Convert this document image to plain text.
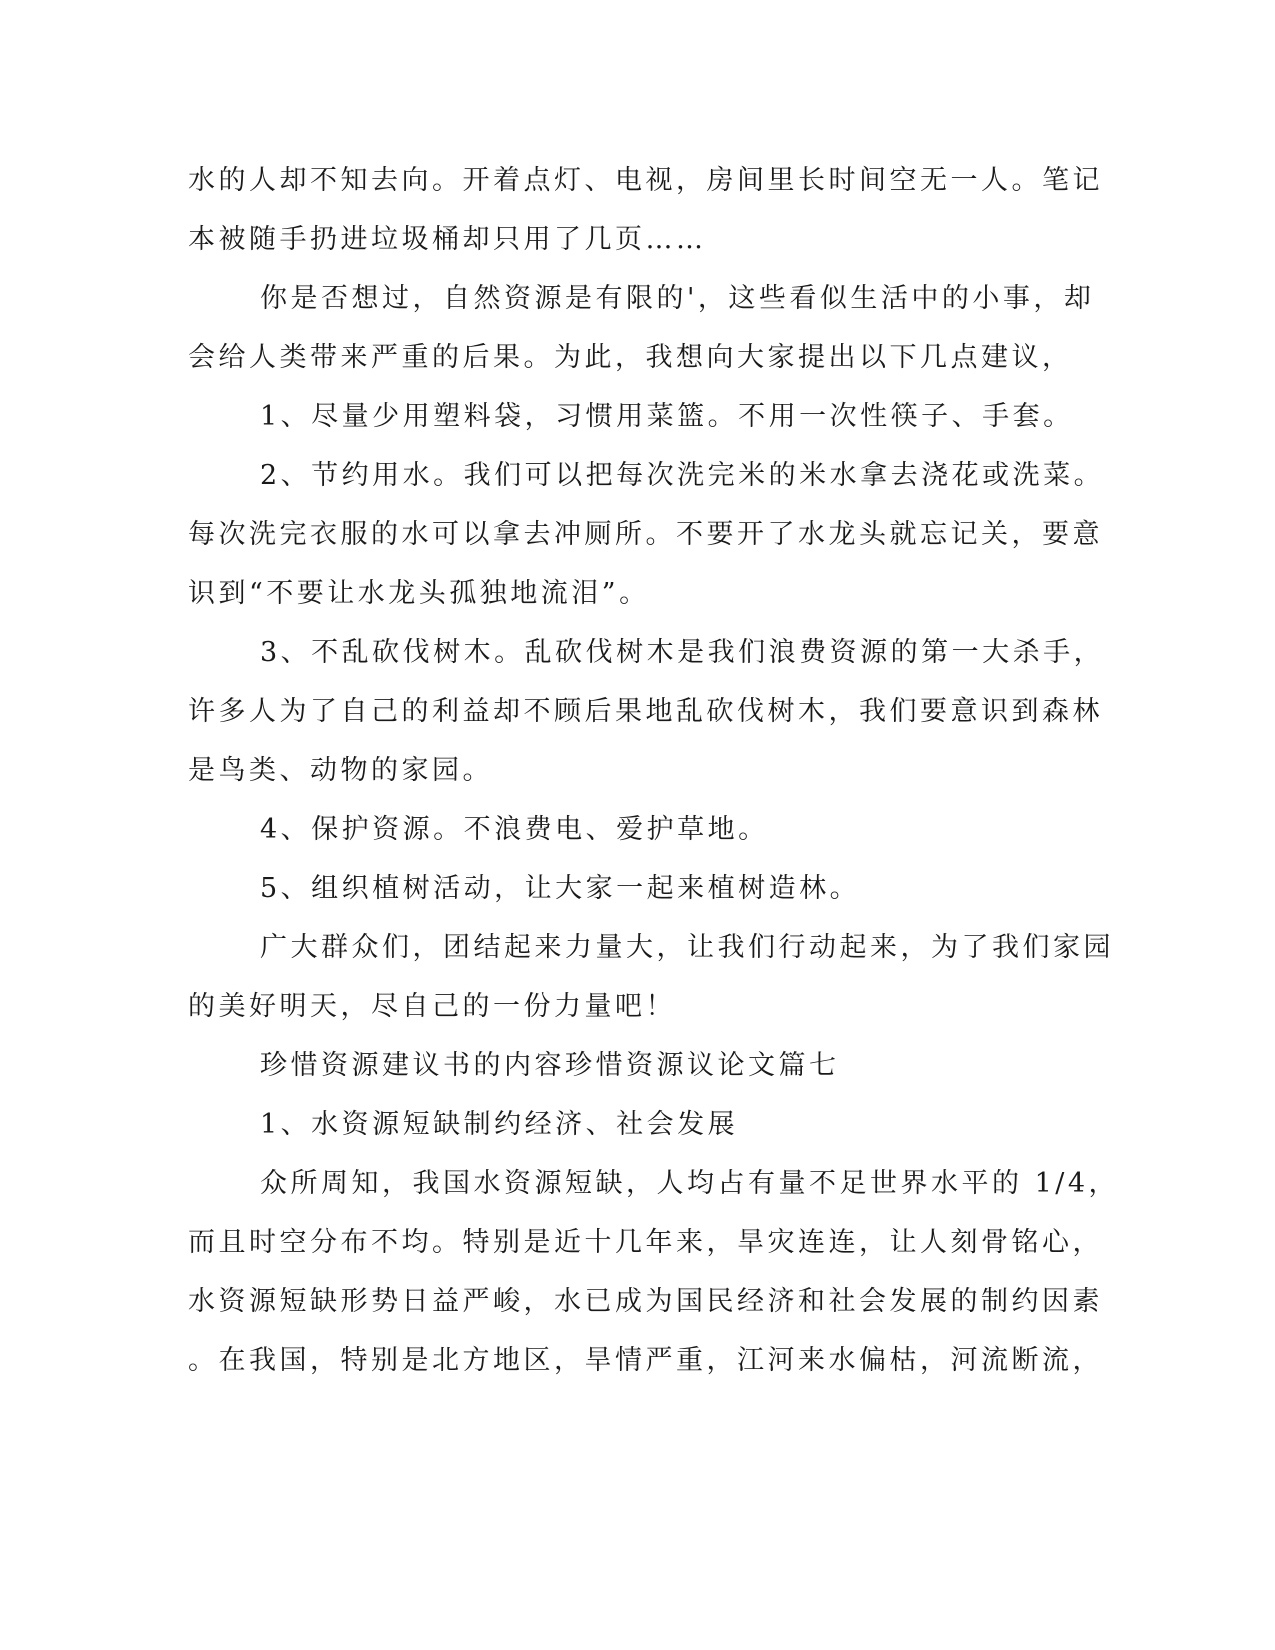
水的人却不知去向。开着点灯、电视，房间里长时间空无一人。笔记
本被随手扔进垃圾桶却只用了几页……
你是否想过，自然资源是有限的'，这些看似生活中的小事，却
会给人类带来严重的后果。为此，我想向大家提出以下几点建议，
1、尽量少用塑料袋，习惯用菜篮。不用一次性筷子、手套。
2、节约用水。我们可以把每次洗完米的米水拿去浇花或洗菜。
每次洗完衣服的水可以拿去冲厕所。不要开了水龙头就忘记关，要意
识到“不要让水龙头孤独地流泪”。
3、不乱砍伐树木。乱砍伐树木是我们浪费资源的第一大杀手，
许多人为了自己的利益却不顾后果地乱砍伐树木，我们要意识到森林
是鸟类、动物的家园。
4、保护资源。不浪费电、爱护草地。
5、组织植树活动，让大家一起来植树造林。
广大群众们，团结起来力量大，让我们行动起来，为了我们家园
的美好明天，尽自己的一份力量吧！
珍惜资源建议书的内容珍惜资源议论文篇七
1、水资源短缺制约经济、社会发展
众所周知，我国水资源短缺，人均占有量不足世界水平的 1/4，
而且时空分布不均。特别是近十几年来，旱灾连连，让人刻骨铭心，
水资源短缺形势日益严峻，水已成为国民经济和社会发展的制约因素
。在我国，特别是北方地区，旱情严重，江河来水偏枯，河流断流，
